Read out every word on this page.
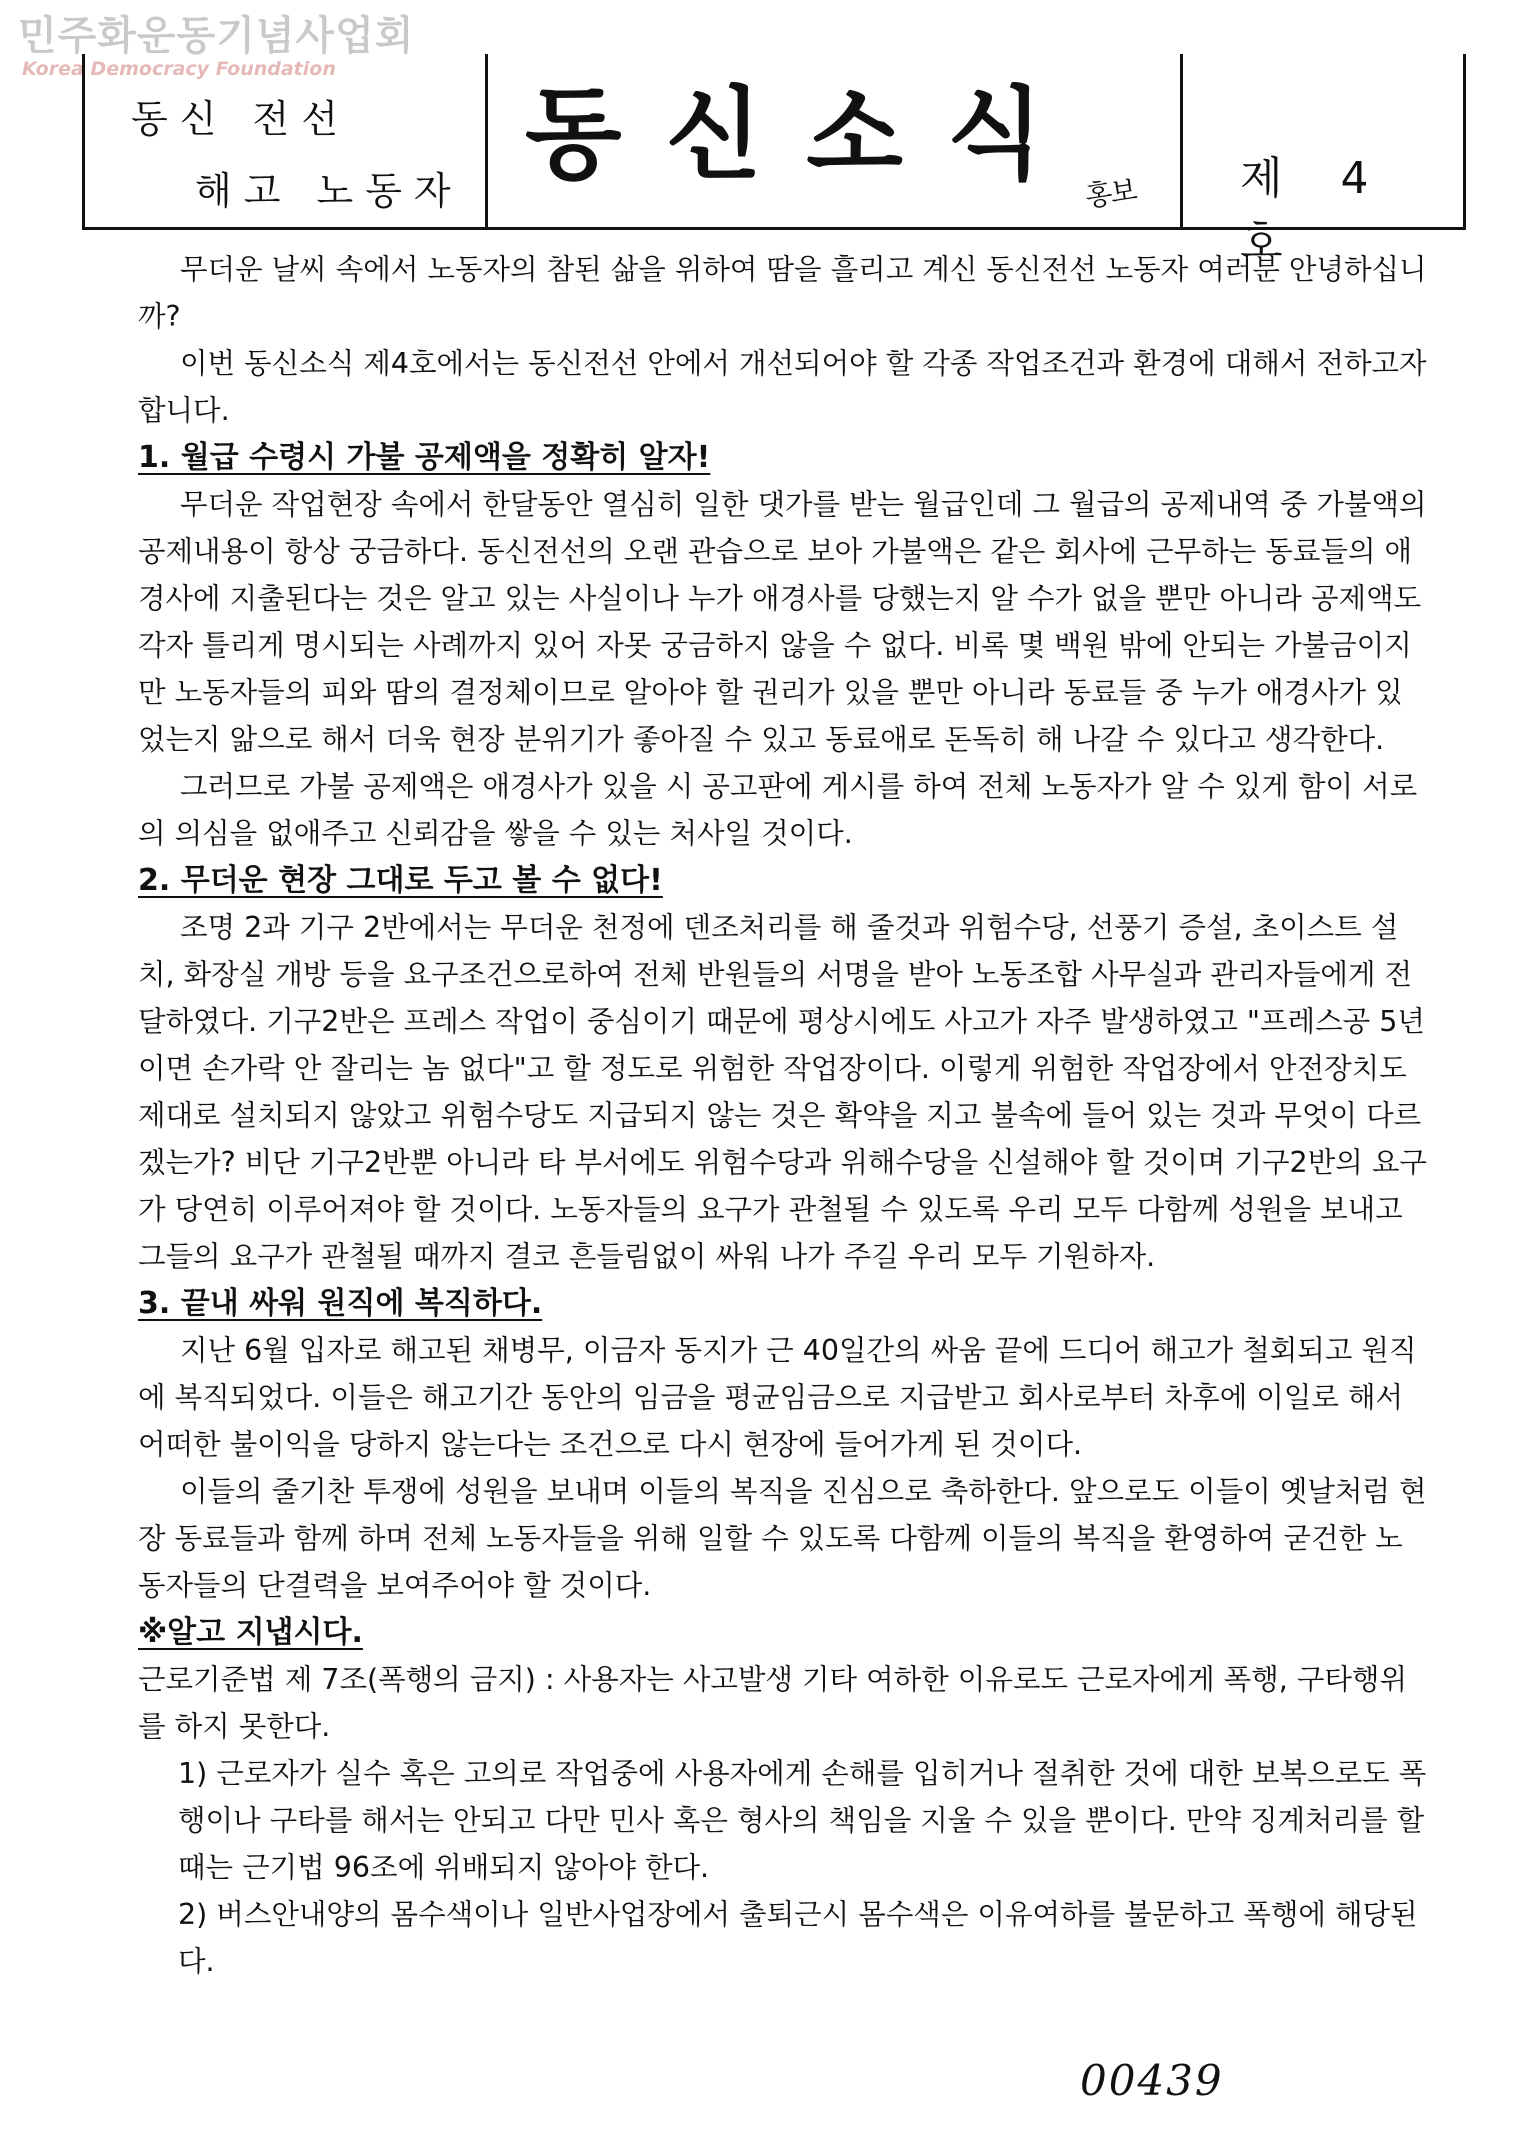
민주화운동기념사업회
Korea Democracy Foundation
동신 전선
해고 노동자 동신소식
홍보 제 4 호

무더운 날씨 속에서 노동자의 참된 삶을 위하여 땀을 흘리고 계신 동신전선 노동자 여러분 안녕하십니까?

이번 동신소식 제4호에서는 동신전선 안에서 개선되어야 할 각종 작업조건과 환경에 대해서 전하고자 합니다.

1. 월급 수령시 가불 공제액을 정확히 알자!

무더운 작업현장 속에서 한달동안 열심히 일한 댓가를 받는 월급인데 그 월급의 공제내역 중 가불액의 공제내용이 항상 궁금하다. 동신전선의 오랜 관습으로 보아 가불액은 같은 회사에 근무하는 동료들의 애경사에 지출된다는 것은 알고 있는 사실이나 누가 애경사를 당했는지 알 수가 없을 뿐만 아니라 공제액도 각자 틀리게 명시되는 사례까지 있어 자못 궁금하지 않을 수 없다. 비록 몇 백원 밖에 안되는 가불금이지만 노동자들의 피와 땀의 결정체이므로 알아야 할 권리가 있을 뿐만 아니라 동료들 중 누가 애경사가 있었는지 앎으로 해서 더욱 현장 분위기가 좋아질 수 있고 동료애로 돈독히 해 나갈 수 있다고 생각한다.

그러므로 가불 공제액은 애경사가 있을 시 공고판에 게시를 하여 전체 노동자가 알 수 있게 함이 서로의 의심을 없애주고 신뢰감을 쌓을 수 있는 처사일 것이다.

2. 무더운 현장 그대로 두고 볼 수 없다!

조명 2과 기구 2반에서는 무더운 천정에 덴조처리를 해 줄것과 위험수당, 선풍기 증설, 초이스트 설치, 화장실 개방 등을 요구조건으로하여 전체 반원들의 서명을 받아 노동조합 사무실과 관리자들에게 전달하였다. 기구2반은 프레스 작업이 중심이기 때문에 평상시에도 사고가 자주 발생하였고 "프레스공 5년이면 손가락 안 잘리는 놈 없다"고 할 정도로 위험한 작업장이다. 이렇게 위험한 작업장에서 안전장치도 제대로 설치되지 않았고 위험수당도 지급되지 않는 것은 확약을 지고 불속에 들어 있는 것과 무엇이 다르겠는가? 비단 기구2반뿐 아니라 타 부서에도 위험수당과 위해수당을 신설해야 할 것이며 기구2반의 요구가 당연히 이루어져야 할 것이다. 노동자들의 요구가 관철될 수 있도록 우리 모두 다함께 성원을 보내고 그들의 요구가 관철될 때까지 결코 흔들림없이 싸워 나가 주길 우리 모두 기원하자.

3. 끝내 싸워 원직에 복직하다.

지난 6월 입자로 해고된 채병무, 이금자 동지가 근 40일간의 싸움 끝에 드디어 해고가 철회되고 원직에 복직되었다. 이들은 해고기간 동안의 임금을 평균임금으로 지급받고 회사로부터 차후에 이일로 해서 어떠한 불이익을 당하지 않는다는 조건으로 다시 현장에 들어가게 된 것이다.

이들의 줄기찬 투쟁에 성원을 보내며 이들의 복직을 진심으로 축하한다. 앞으로도 이들이 옛날처럼 현장 동료들과 함께 하며 전체 노동자들을 위해 일할 수 있도록 다함께 이들의 복직을 환영하여 굳건한 노동자들의 단결력을 보여주어야 할 것이다.

※알고 지냅시다.

근로기준법 제 7조(폭행의 금지) : 사용자는 사고발생 기타 여하한 이유로도 근로자에게 폭행, 구타행위를 하지 못한다.

1) 근로자가 실수 혹은 고의로 작업중에 사용자에게 손해를 입히거나 절취한 것에 대한 보복으로도 폭행이나 구타를 해서는 안되고 다만 민사 혹은 형사의 책임을 지울 수 있을 뿐이다. 만약 징계처리를 할 때는 근기법 96조에 위배되지 않아야 한다.

2) 버스안내양의 몸수색이나 일반사업장에서 출퇴근시 몸수색은 이유여하를 불문하고 폭행에 해당된다.

00439
